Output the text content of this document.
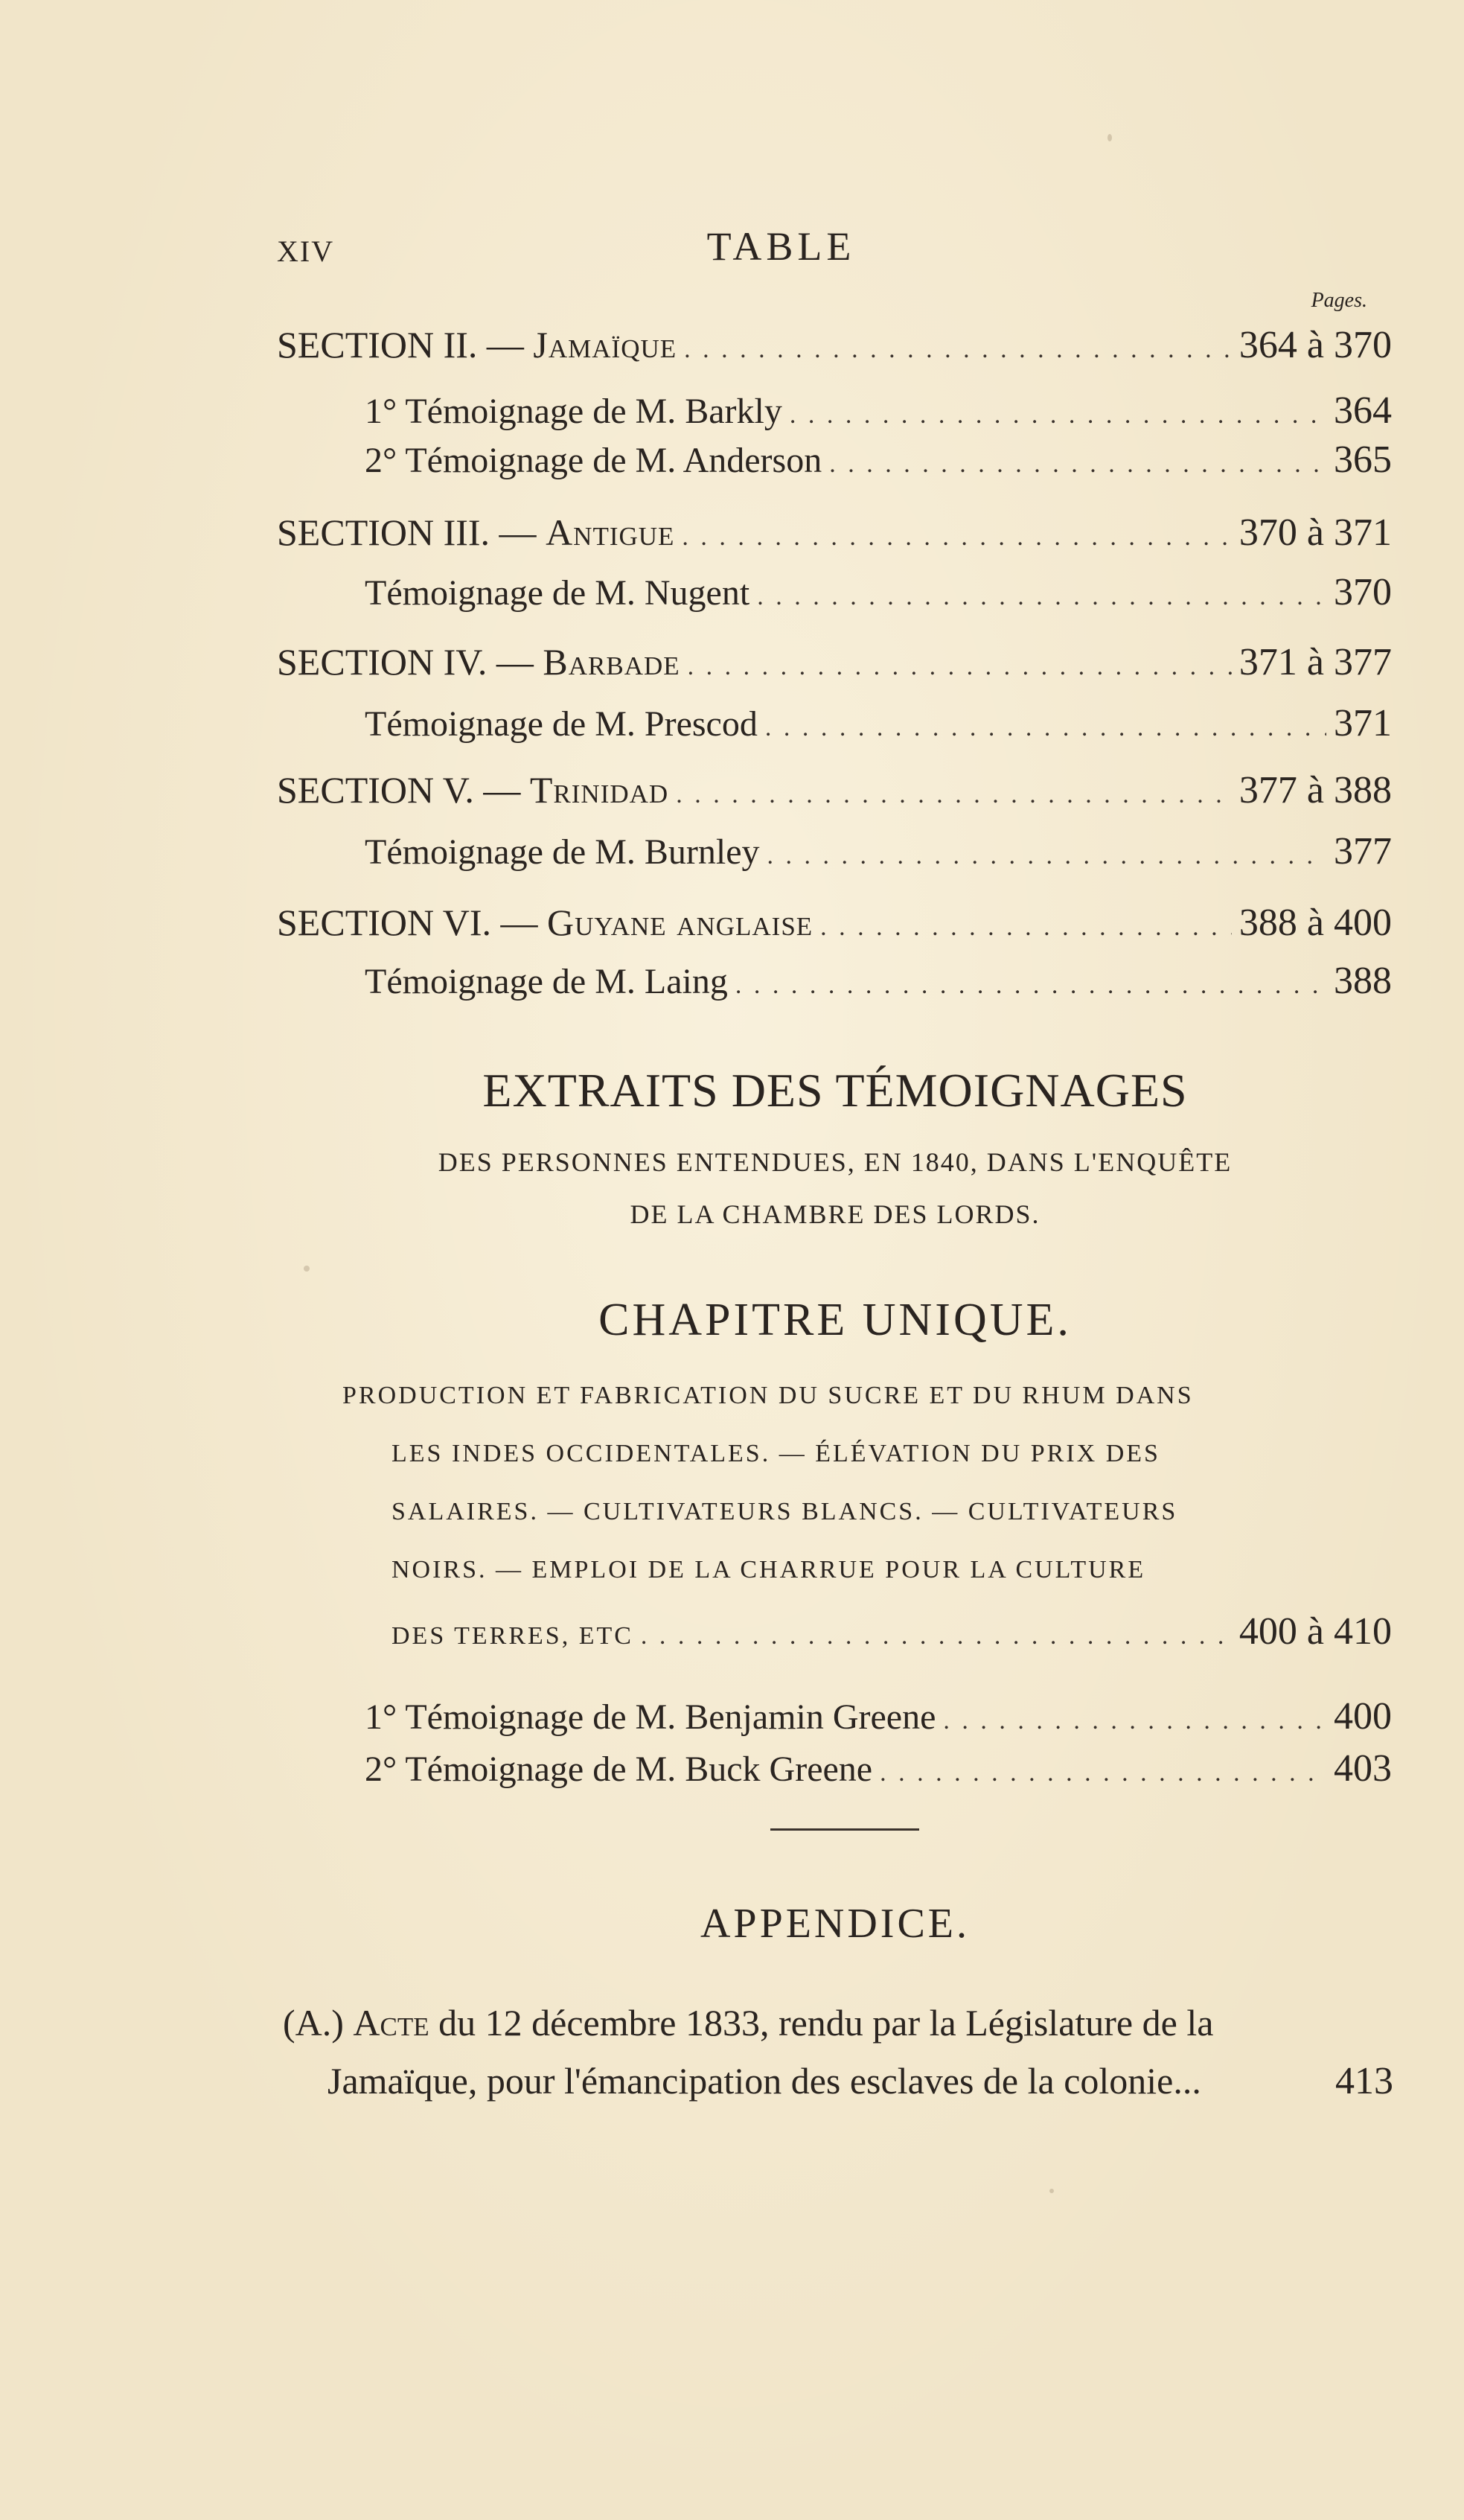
XIV	TABLE
Pages.
SECTION II. — Jamaïque . . .	364 à 370
1° Témoignage de M. Barkly . . .	364
2° Témoignage de M. Anderson . . .	365
SECTION III. — Antigue . . .	370 à 371
Témoignage de M. Nugent . . .	370
SECTION IV. — Barbade . . .	371 à 377
Témoignage de M. Prescod . . .	371
SECTION V. — Trinidad . . .	377 à 388
Témoignage de M. Burnley . . .	377
SECTION VI. — Guyane anglaise . . .	388 à 400
Témoignage de M. Laing . . .	388
EXTRAITS DES TÉMOIGNAGES
DES PERSONNES ENTENDUES, EN 1840, DANS L'ENQUÊTE
DE LA CHAMBRE DES LORDS.
CHAPITRE UNIQUE.
PRODUCTION ET FABRICATION DU SUCRE ET DU RHUM DANS
LES INDES OCCIDENTALES. — ÉLÉVATION DU PRIX DES
SALAIRES. — CULTIVATEURS BLANCS. — CULTIVATEURS
NOIRS. — EMPLOI DE LA CHARRUE POUR LA CULTURE
DES TERRES, ETC . . .	400 à 410
1° Témoignage de M. Benjamin Greene . . .	400
2° Témoignage de M. Buck Greene . . .	403
APPENDICE.
(A.) Acte du 12 décembre 1833, rendu par la Législature de la
Jamaïque, pour l'émancipation des esclaves de la colonie...	413
